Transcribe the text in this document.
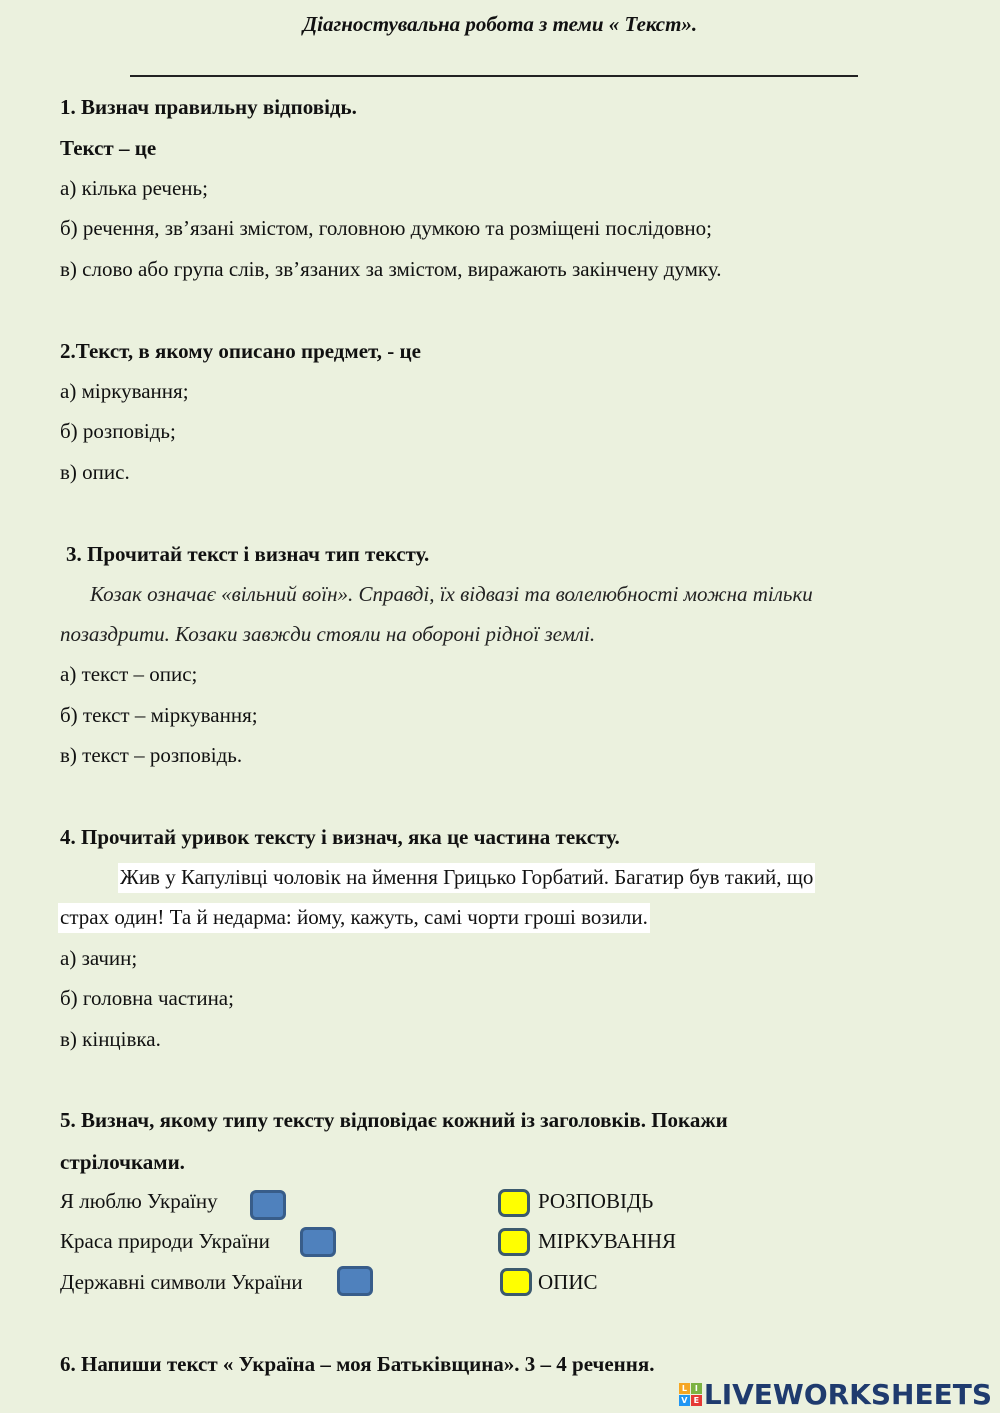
Діагностувальна робота з теми « Текст».
1. Визнач правильну відповідь.
Текст – це
а) кілька речень;
б) речення, зв’язані змістом, головною думкою та розміщені послідовно;
в) слово або група слів, зв’язаних за змістом, виражають закінчену думку.
2.Текст, в якому описано предмет, - це
а) міркування;
б) розповідь;
в) опис.
3. Прочитай текст і визнач тип тексту.
Козак означає «вільний воїн». Справді, їх відвазі та волелюбності можна тільки
позаздрити. Козаки завжди стояли на обороні рідної землі.
а) текст – опис;
б) текст – міркування;
в) текст – розповідь.
4. Прочитай уривок тексту і визнач, яка це частина тексту.
Жив у Капулівці чоловік на ймення Грицько Горбатий. Багатир був такий, що
страх один! Та й недарма: йому, кажуть, самі чорти гроші возили.
а) зачин;
б) головна частина;
в) кінцівка.
5. Визнач, якому типу тексту відповідає кожний із заголовків. Покажи
стрілочками.
Я люблю Україну
Краса природи України
Державні символи України
РОЗПОВІДЬ
МІРКУВАННЯ
ОПИС
6. Напиши текст « Україна – моя Батьківщина». 3 – 4 речення.
L I
V E LIVEWORKSHEETS
